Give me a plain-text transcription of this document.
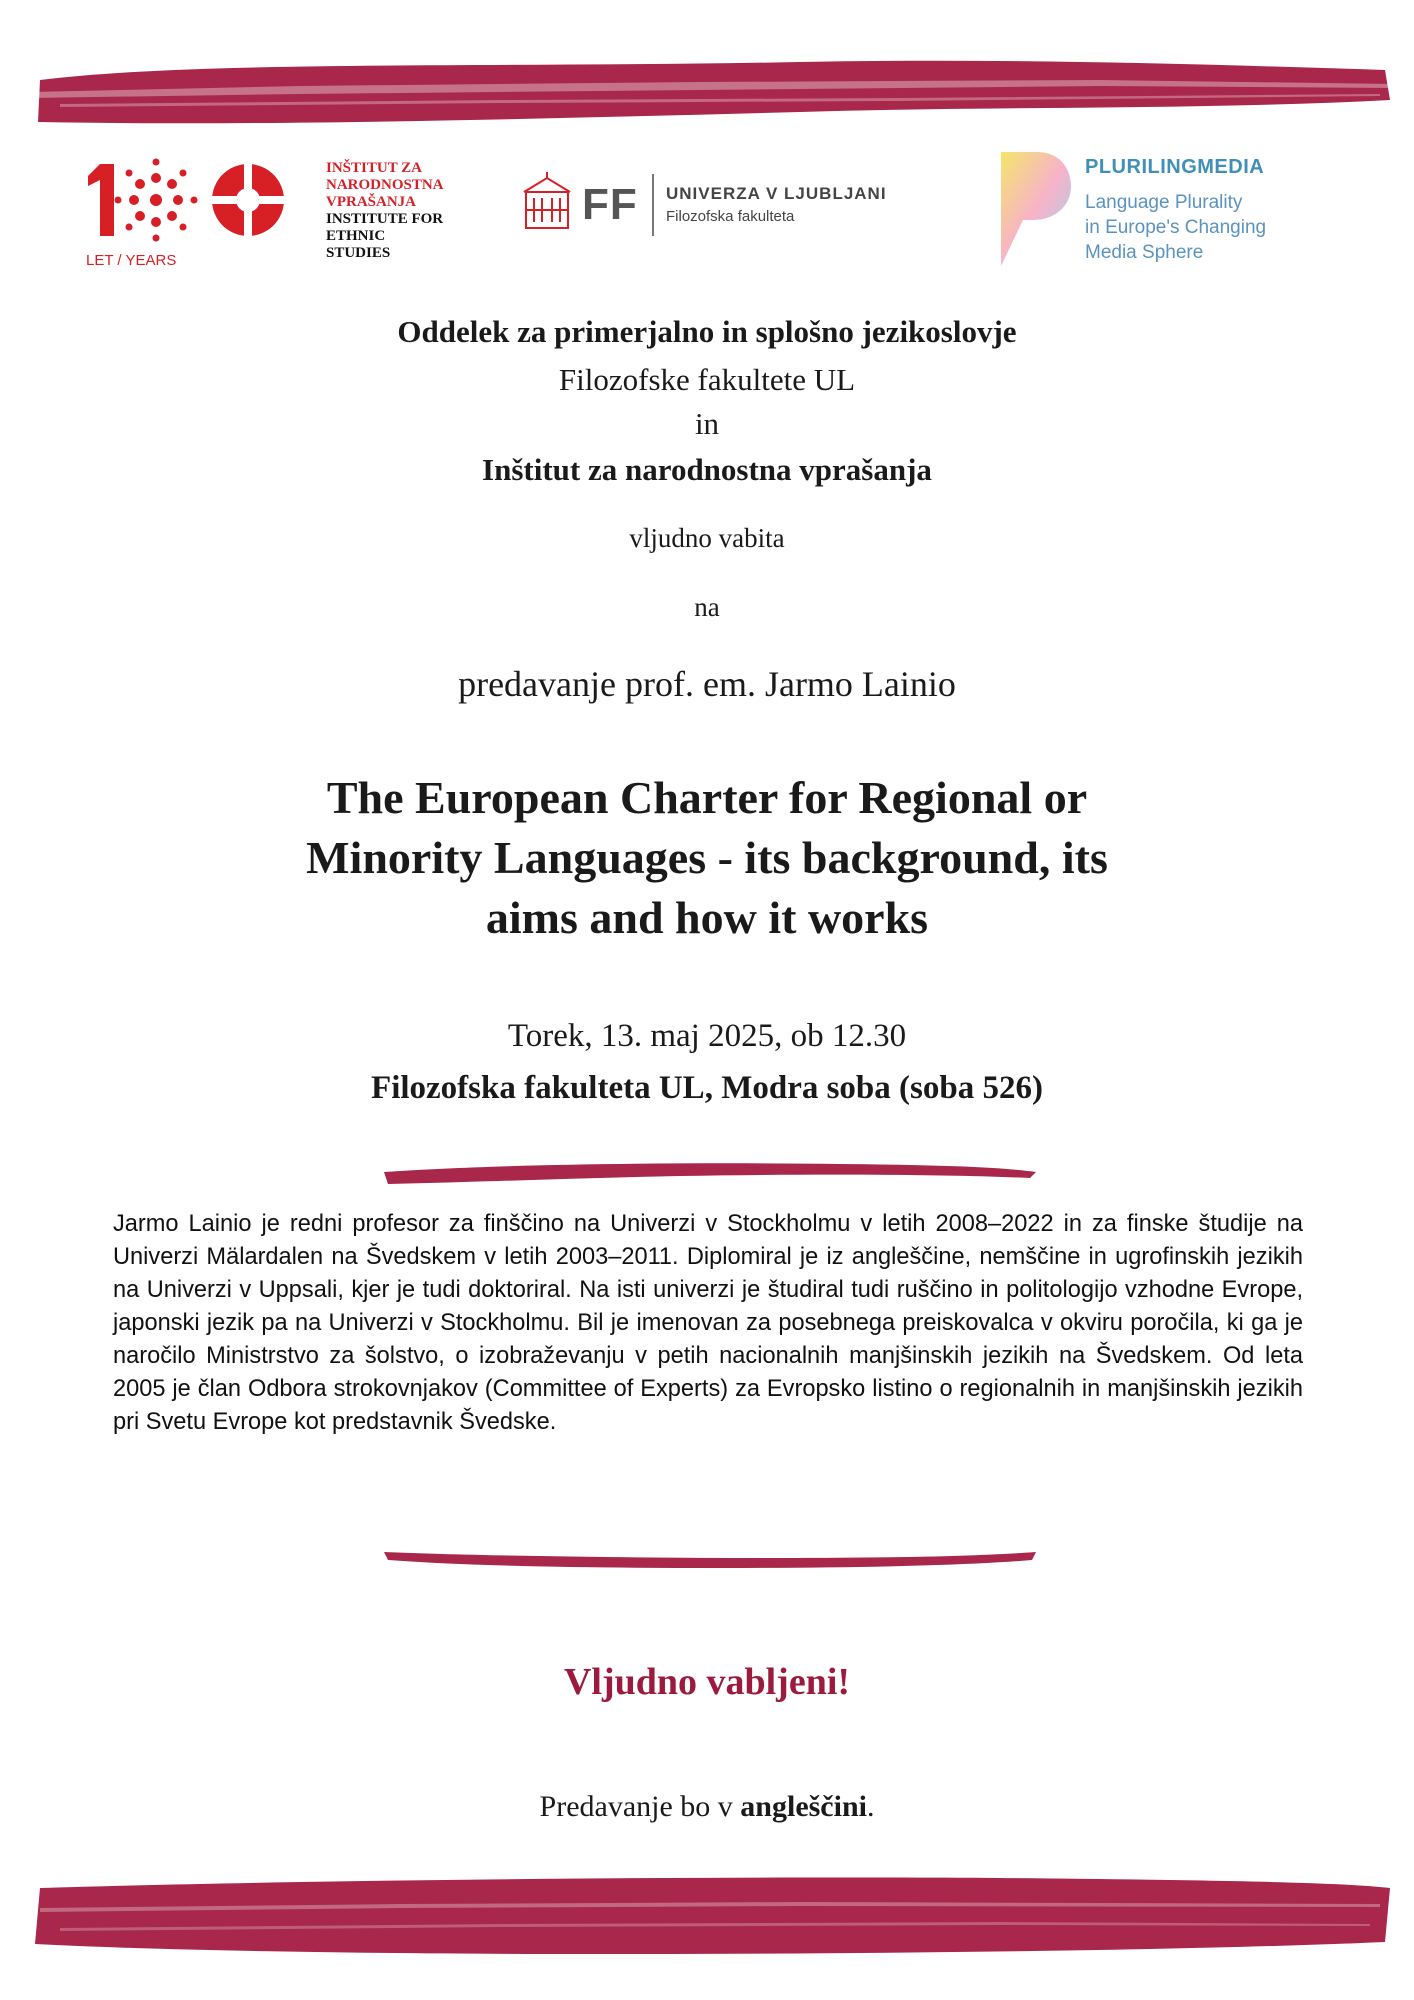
LET / YEARS
INŠTITUT ZA
NARODNOSTNA
VPRAŠANJA
INSTITUTE FOR
ETHNIC STUDIES
FF UNIVERZA V LJUBLJANI
Filozofska fakulteta
PLURILINGMEDIA
Language Plurality
in Europe's Changing
Media Sphere
Oddelek za primerjalno in splošno jezikoslovje
Filozofske fakultete UL
in
Inštitut za narodnostna vprašanja
vljudno vabita
na
predavanje prof. em. Jarmo Lainio
The European Charter for Regional or
Minority Languages - its background, its
aims and how it works
Torek, 13. maj 2025, ob 12.30
Filozofska fakulteta UL, Modra soba (soba 526)
Jarmo Lainio je redni profesor za finščino na Univerzi v Stockholmu v letih 2008–2022 in za finske študije na Univerzi Mälardalen na Švedskem v letih 2003–2011. Diplomiral je iz angleščine, nemščine in ugrofinskih jezikih na Univerzi v Uppsali, kjer je tudi doktoriral. Na isti univerzi je študiral tudi ruščino in politologijo vzhodne Evrope, japonski jezik pa na Univerzi v Stockholmu. Bil je imenovan za posebnega preiskovalca v okviru poročila, ki ga je naročilo Ministrstvo za šolstvo, o izobraževanju v petih nacionalnih manjšinskih jezikih na Švedskem. Od leta 2005 je član Odbora strokovnjakov (Committee of Experts) za Evropsko listino o regionalnih in manjšinskih jezikih pri Svetu Evrope kot predstavnik Švedske.
Vljudno vabljeni!
Predavanje bo v angleščini.
